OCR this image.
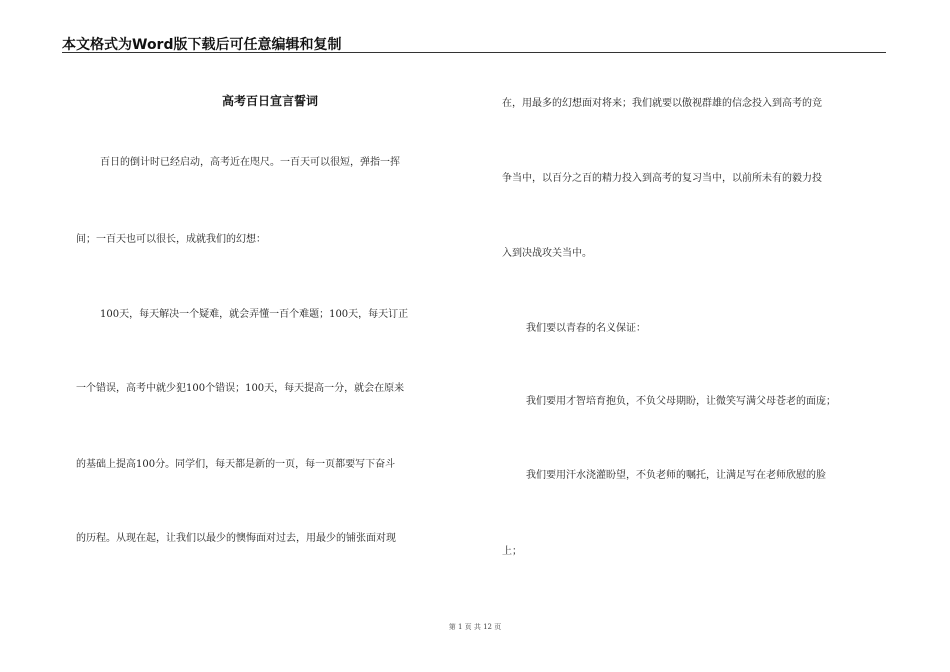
本文格式为Word版下载后可任意编辑和复制
高考百日宣言誓词
百日的倒计时已经启动，高考近在咫尺。一百天可以很短，弹指一挥
间；一百天也可以很长，成就我们的幻想：
100天，每天解决一个疑难，就会弄懂一百个难题；100天，每天订正
一个错误，高考中就少犯100个错误；100天，每天提高一分，就会在原来
的基础上提高100分。同学们，每天都是新的一页，每一页都要写下奋斗
的历程。从现在起，让我们以最少的懊悔面对过去，用最少的铺张面对现
在，用最多的幻想面对将来；我们就要以傲视群雄的信念投入到高考的竞
争当中，以百分之百的精力投入到高考的复习当中，以前所未有的毅力投
入到决战攻关当中。
我们要以青春的名义保证：
我们要用才智培育抱负，不负父母期盼，让微笑写满父母苍老的面庞；
我们要用汗水浇灌盼望，不负老师的嘱托，让满足写在老师欣慰的脸
上；
第 1 页 共 12 页
